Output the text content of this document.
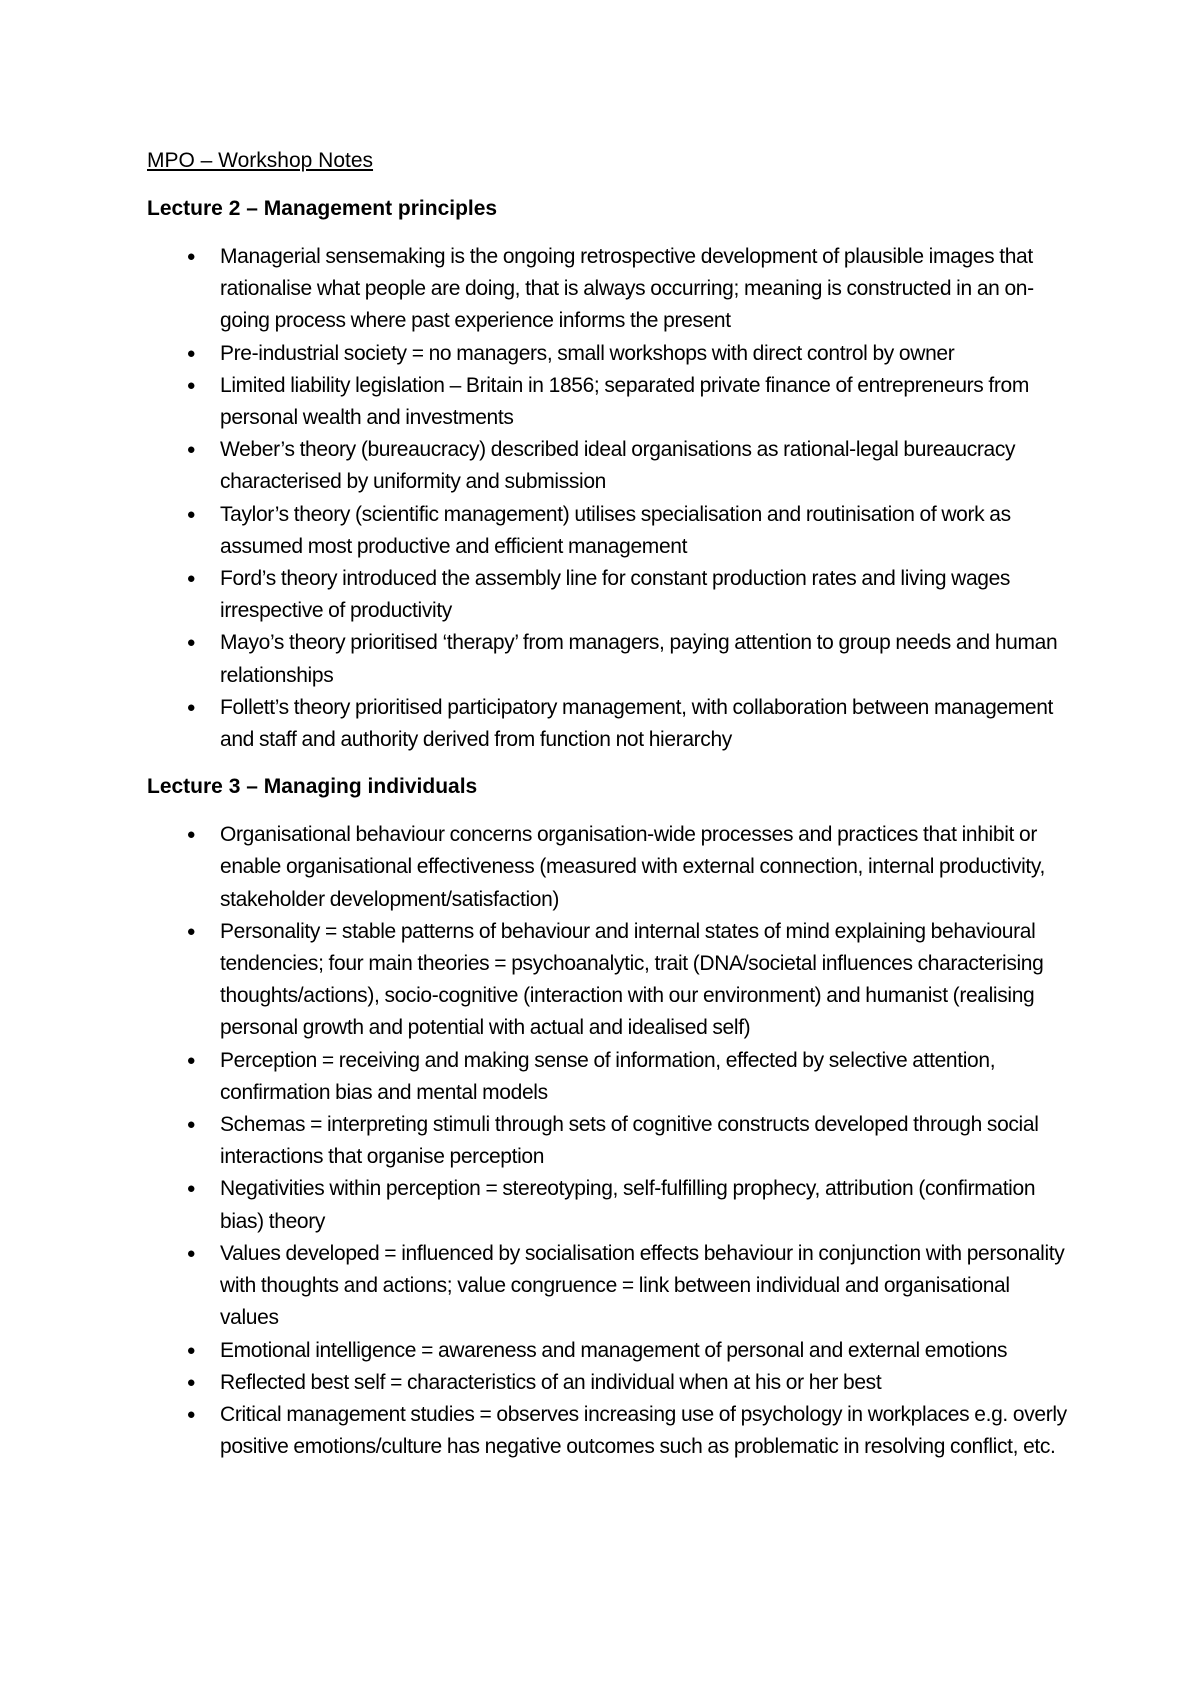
MPO – Workshop Notes
Lecture 2 – Management principles
● Managerial sensemaking is the ongoing retrospective development of plausible images that rationalise what people are doing, that is always occurring; meaning is constructed in an on-going process where past experience informs the present
● Pre-industrial society = no managers, small workshops with direct control by owner
● Limited liability legislation – Britain in 1856; separated private finance of entrepreneurs from personal wealth and investments
● Weber’s theory (bureaucracy) described ideal organisations as rational-legal bureaucracy characterised by uniformity and submission
● Taylor’s theory (scientific management) utilises specialisation and routinisation of work as assumed most productive and efficient management
● Ford’s theory introduced the assembly line for constant production rates and living wages irrespective of productivity
● Mayo’s theory prioritised ‘therapy’ from managers, paying attention to group needs and human relationships
● Follett’s theory prioritised participatory management, with collaboration between management and staff and authority derived from function not hierarchy
Lecture 3 – Managing individuals
● Organisational behaviour concerns organisation-wide processes and practices that inhibit or enable organisational effectiveness (measured with external connection, internal productivity, stakeholder development/satisfaction)
● Personality = stable patterns of behaviour and internal states of mind explaining behavioural tendencies; four main theories = psychoanalytic, trait (DNA/societal influences characterising thoughts/actions), socio-cognitive (interaction with our environment) and humanist (realising personal growth and potential with actual and idealised self)
● Perception = receiving and making sense of information, effected by selective attention, confirmation bias and mental models
● Schemas = interpreting stimuli through sets of cognitive constructs developed through social interactions that organise perception
● Negativities within perception = stereotyping, self-fulfilling prophecy, attribution (confirmation bias) theory
● Values developed = influenced by socialisation effects behaviour in conjunction with personality with thoughts and actions; value congruence = link between individual and organisational values
● Emotional intelligence = awareness and management of personal and external emotions
● Reflected best self = characteristics of an individual when at his or her best
● Critical management studies = observes increasing use of psychology in workplaces e.g. overly positive emotions/culture has negative outcomes such as problematic in resolving conflict, etc.
